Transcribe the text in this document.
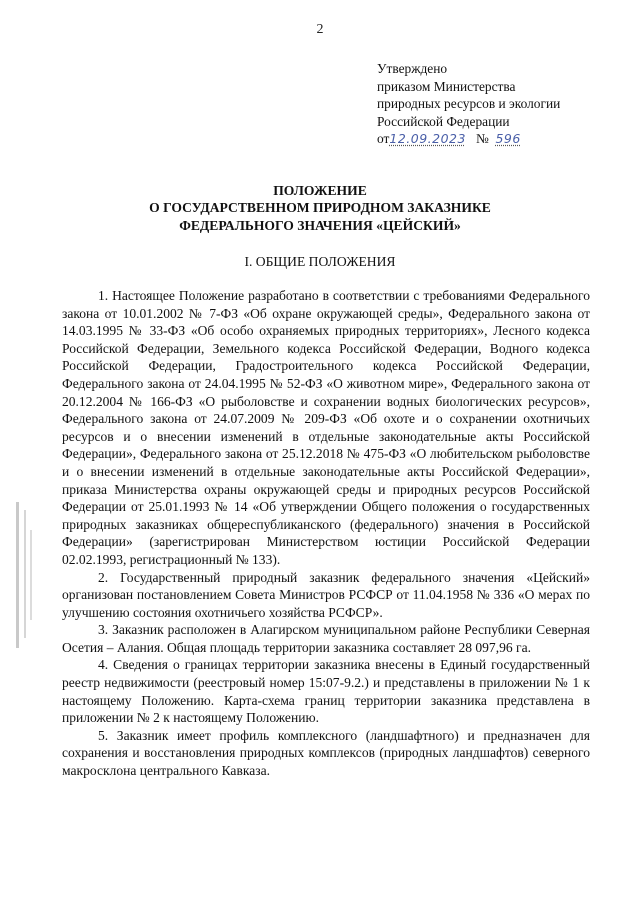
2
Утверждено
приказом Министерства
природных ресурсов и экологии
Российской Федерации
от12.09.2023 № 596
ПОЛОЖЕНИЕ
О ГОСУДАРСТВЕННОМ ПРИРОДНОМ ЗАКАЗНИКЕ
ФЕДЕРАЛЬНОГО ЗНАЧЕНИЯ «ЦЕЙСКИЙ»
I. ОБЩИЕ ПОЛОЖЕНИЯ

1. Настоящее Положение разработано в соответствии с требованиями Федерального закона от 10.01.2002 № 7-ФЗ «Об охране окружающей среды», Федерального закона от 14.03.1995 № 33-ФЗ «Об особо охраняемых природных территориях», Лесного кодекса Российской Федерации, Земельного кодекса Российской Федерации, Водного кодекса Российской Федерации, Градостроительного кодекса Российской Федерации, Федерального закона от 24.04.1995 № 52-ФЗ «О животном мире», Федерального закона от 20.12.2004 № 166-ФЗ «О рыболовстве и сохранении водных биологических ресурсов», Федерального закона от 24.07.2009 № 209-ФЗ «Об охоте и о сохранении охотничьих ресурсов и о внесении изменений в отдельные законодательные акты Российской Федерации», Федерального закона от 25.12.2018 № 475-ФЗ «О любительском рыболовстве и о внесении изменений в отдельные законодательные акты Российской Федерации», приказа Министерства охраны окружающей среды и природных ресурсов Российской Федерации от 25.01.1993 № 14 «Об утверждении Общего положения о государственных природных заказниках общереспубликанского (федерального) значения в Российской Федерации» (зарегистрирован Министерством юстиции Российской Федерации 02.02.1993, регистрационный № 133).

2. Государственный природный заказник федерального значения «Цейский» организован постановлением Совета Министров РСФСР от 11.04.1958 № 336 «О мерах по улучшению состояния охотничьего хозяйства РСФСР».

3. Заказник расположен в Алагирском муниципальном районе Республики Северная Осетия – Алания. Общая площадь территории заказника составляет 28 097,96 га.

4. Сведения о границах территории заказника внесены в Единый государственный реестр недвижимости (реестровый номер 15:07-9.2.) и представлены в приложении № 1 к настоящему Положению. Карта-схема границ территории заказника представлена в приложении № 2 к настоящему Положению.

5. Заказник имеет профиль комплексного (ландшафтного) и предназначен для сохранения и восстановления природных комплексов (природных ландшафтов) северного макросклона центрального Кавказа.
